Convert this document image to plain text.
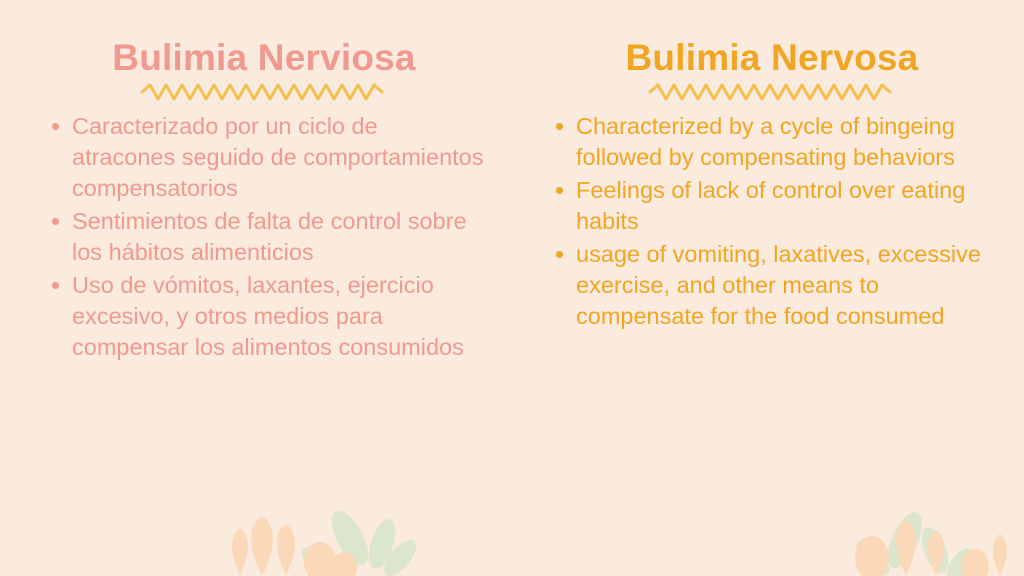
Bulimia Nerviosa
Caracterizado por un ciclo de atracones seguido de comportamientos compensatorios
Sentimientos de falta de control sobre los hábitos alimenticios
Uso de vómitos, laxantes, ejercicio excesivo, y otros medios para compensar los alimentos consumidos
Bulimia Nervosa
Characterized by a cycle of bingeing followed by compensating behaviors
Feelings of lack of control over eating habits
usage of vomiting, laxatives, excessive exercise, and other means to compensate for the food consumed
